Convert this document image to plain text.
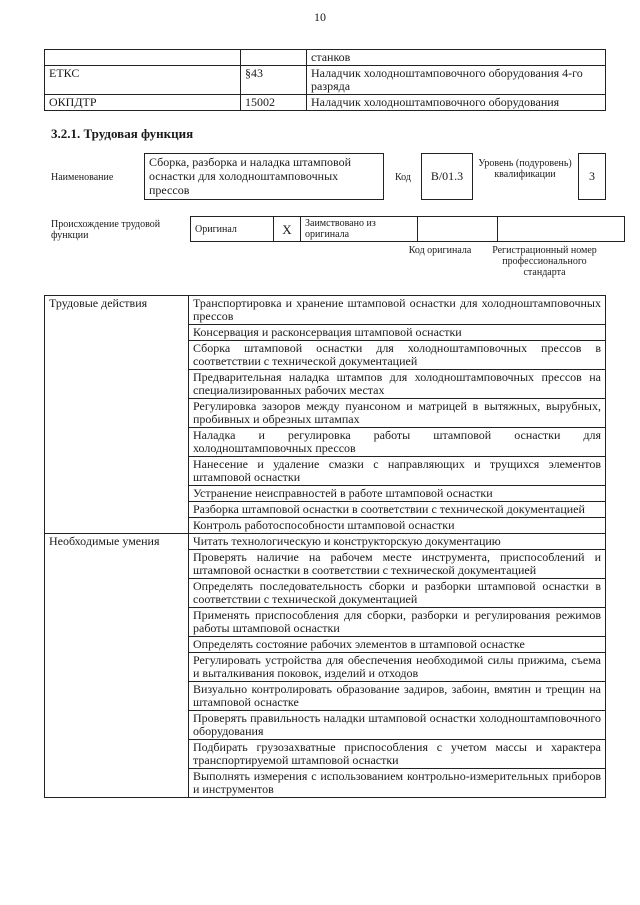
10
		станков
ЕТКС	§43	Наладчик холодноштамповочного оборудования 4-го разряда
ОКПДТР	15002	Наладчик холодноштамповочного оборудования
3.2.1. Трудовая функция
Наименование
Сборка, разборка и наладка штамповой оснастки для холодноштамповочных прессов
Код	B/01.3
Уровень (подуровень) квалификации	3
Происхождение трудовой функции
Оригинал	X	Заимствовано из оригинала		
Код оригинала	Регистрационный номер профессионального стандарта
Трудовые действия	Транспортировка и хранение штамповой оснастки для холодноштамповочных прессов
	Консервация и расконсервация штамповой оснастки
	Сборка штамповой оснастки для холодноштамповочных прессов в соответствии с технической документацией
	Предварительная наладка штампов для холодноштамповочных прессов на специализированных рабочих местах
	Регулировка зазоров между пуансоном и матрицей в вытяжных, вырубных, пробивных и обрезных штампах
	Наладка и регулировка работы штамповой оснастки для холодноштамповочных прессов
	Нанесение и удаление смазки с направляющих и трущихся элементов штамповой оснастки
	Устранение неисправностей в работе штамповой оснастки
	Разборка штамповой оснастки в соответствии с технической документацией
	Контроль работоспособности штамповой оснастки
Необходимые умения	Читать технологическую и конструкторскую документацию
	Проверять наличие на рабочем месте инструмента, приспособлений и штамповой оснастки в соответствии с технической документацией
	Определять последовательность сборки и разборки штамповой оснастки в соответствии с технической документацией
	Применять приспособления для сборки, разборки и регулирования режимов работы штамповой оснастки
	Определять состояние рабочих элементов в штамповой оснастке
	Регулировать устройства для обеспечения необходимой силы прижима, съема и выталкивания поковок, изделий и отходов
	Визуально контролировать образование задиров, забоин, вмятин и трещин на штамповой оснастке
	Проверять правильность наладки штамповой оснастки холодноштамповочного оборудования
	Подбирать грузозахватные приспособления с учетом массы и характера транспортируемой штамповой оснастки
	Выполнять измерения с использованием контрольно-измерительных приборов и инструментов
